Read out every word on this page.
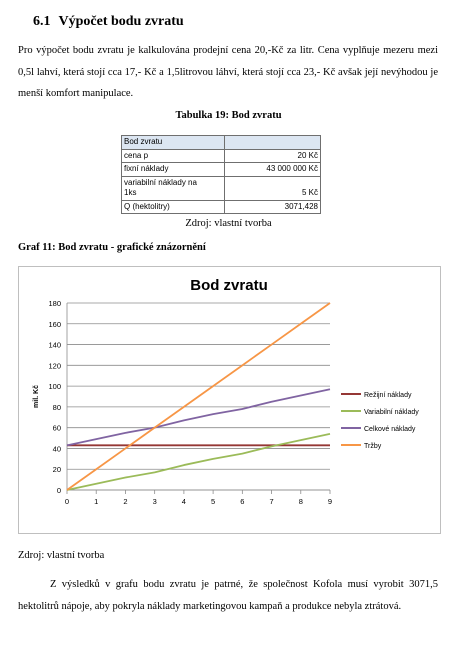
6.1 Výpočet bodu zvratu
Pro výpočet bodu zvratu je kalkulována prodejní cena 20,-Kč za litr. Cena vyplňuje mezeru mezi 0,5l lahví, která stojí cca 17,- Kč a 1,5litrovou láhví, která stojí cca 23,- Kč avšak její nevýhodou je menší komfort manipulace.
Tabulka 19: Bod zvratu
Bod zvratu	
cena p	20 Kč
fixní náklady	43 000 000 Kč
variabilní náklady na
1ks	5 Kč
Q (hektolitry)	3071,428
Zdroj: vlastní tvorba
Graf 11: Bod zvratu - grafické znázornění
Bod zvratu
0
20
40
60
80
100
120
140
160
180
0	1	2	3	4	5	6	7	8	9
mil. Kč	Režijní náklady
Variabilní náklady
Celkové náklady
Tržby
Zdroj: vlastní tvorba
Z výsledků v grafu bodu zvratu je patrné, že společnost Kofola musí vyrobit 3071,5 hektolitrů nápoje, aby pokryla náklady marketingovou kampaň a produkce nebyla ztrátová.
